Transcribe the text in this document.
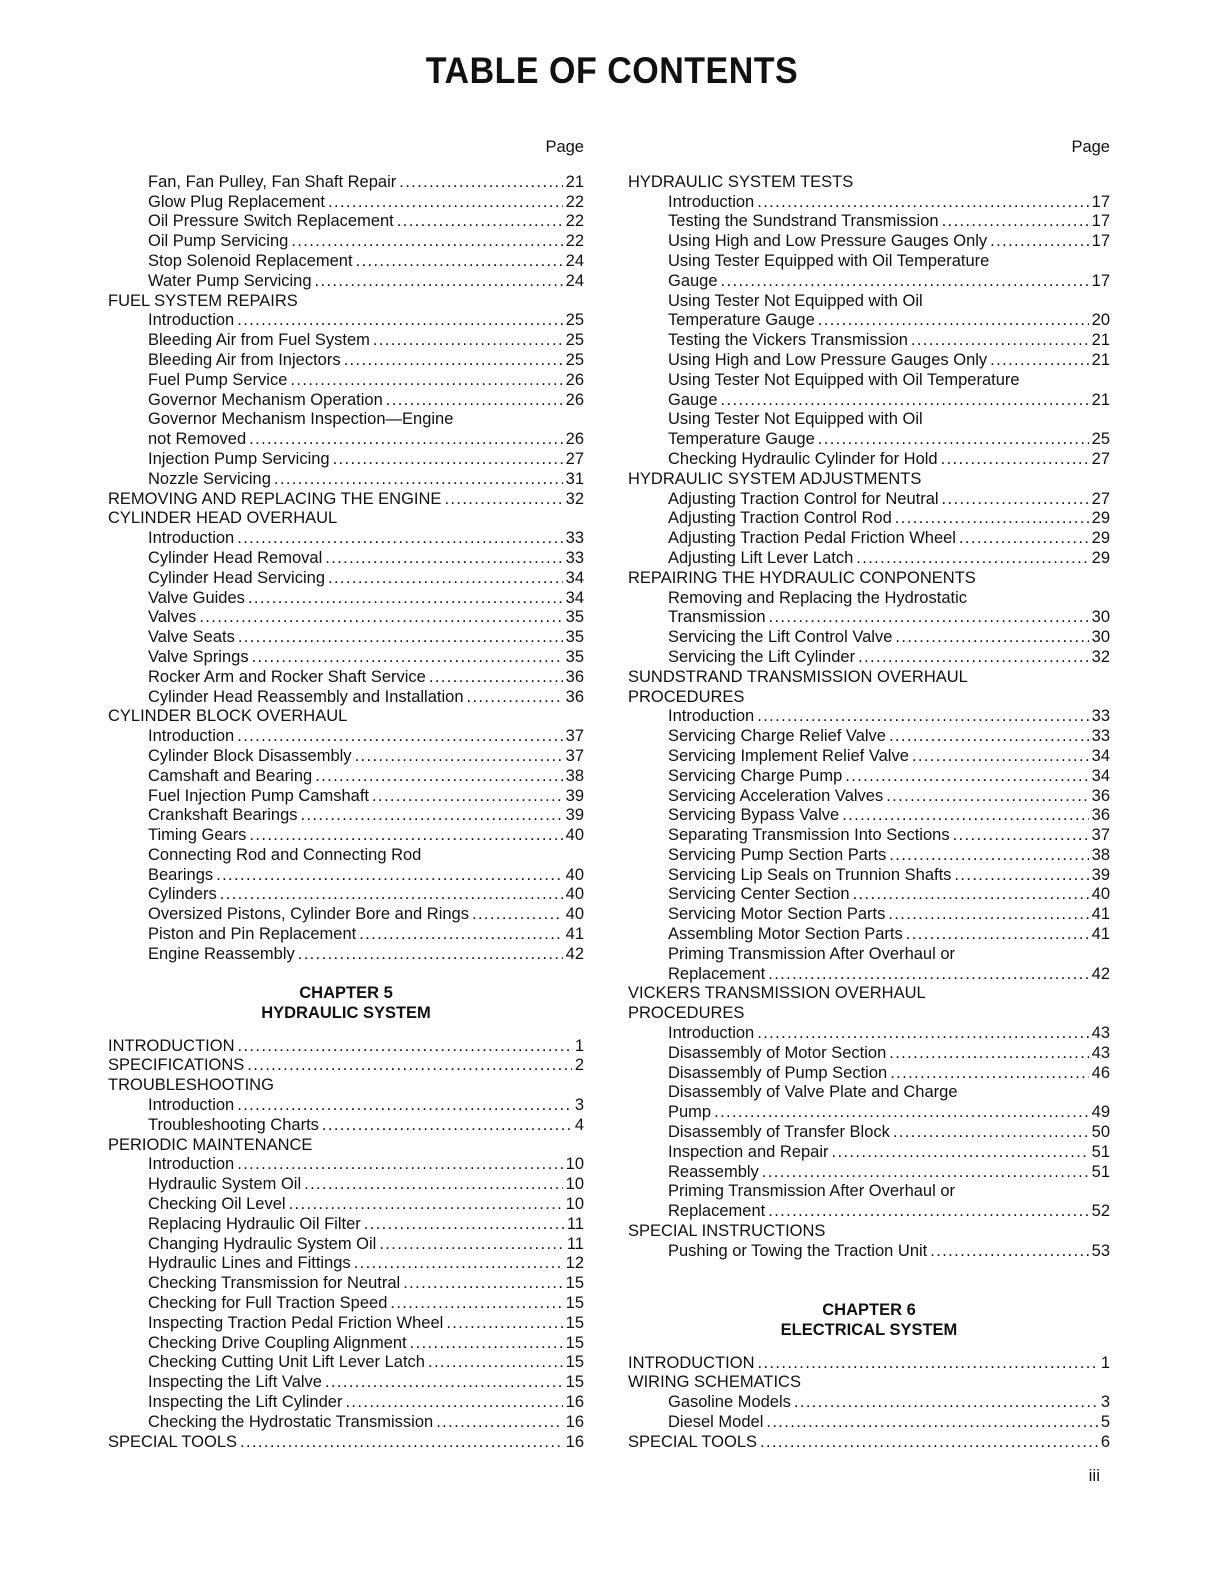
TABLE OF CONTENTS
Page
Fan, Fan Pulley, Fan Shaft Repair . . .	21
Glow Plug Replacement . . .	22
Oil Pressure Switch Replacement . . .	22
Oil Pump Servicing . . .	22
Stop Solenoid Replacement . . .	24
Water Pump Servicing . . .	24
FUEL SYSTEM REPAIRS
Introduction . . .	25
Bleeding Air from Fuel System . . .	25
Bleeding Air from Injectors . . .	25
Fuel Pump Service . . .	26
Governor Mechanism Operation . . .	26
Governor Mechanism Inspection—Engine
not Removed . . .	26
Injection Pump Servicing . . .	27
Nozzle Servicing . . .	31
REMOVING AND REPLACING THE ENGINE . . .	32
CYLINDER HEAD OVERHAUL
Introduction . . .	33
Cylinder Head Removal . . .	33
Cylinder Head Servicing . . .	34
Valve Guides . . .	34
Valves . . .	35
Valve Seats . . .	35
Valve Springs . . .	35
Rocker Arm and Rocker Shaft Service . . .	36
Cylinder Head Reassembly and Installation . . .	36
CYLINDER BLOCK OVERHAUL
Introduction . . .	37
Cylinder Block Disassembly . . .	37
Camshaft and Bearing . . .	38
Fuel Injection Pump Camshaft . . .	39
Crankshaft Bearings . . .	39
Timing Gears . . .	40
Connecting Rod and Connecting Rod
Bearings . . .	40
Cylinders . . .	40
Oversized Pistons, Cylinder Bore and Rings . . .	40
Piston and Pin Replacement . . .	41
Engine Reassembly . . .	42
CHAPTER 5
HYDRAULIC SYSTEM
INTRODUCTION . . .	1
SPECIFICATIONS . . .	2
TROUBLESHOOTING
Introduction . . .	3
Troubleshooting Charts . . .	4
PERIODIC MAINTENANCE
Introduction . . .	10
Hydraulic System Oil . . .	10
Checking Oil Level . . .	10
Replacing Hydraulic Oil Filter . . .	11
Changing Hydraulic System Oil . . .	11
Hydraulic Lines and Fittings . . .	12
Checking Transmission for Neutral . . .	15
Checking for Full Traction Speed . . .	15
Inspecting Traction Pedal Friction Wheel . . .	15
Checking Drive Coupling Alignment . . .	15
Checking Cutting Unit Lift Lever Latch . . .	15
Inspecting the Lift Valve . . .	15
Inspecting the Lift Cylinder . . .	16
Checking the Hydrostatic Transmission . . .	16
SPECIAL TOOLS . . .	16
Page
HYDRAULIC SYSTEM TESTS
Introduction . . .	17
Testing the Sundstrand Transmission . . .	17
Using High and Low Pressure Gauges Only . . .	17
Using Tester Equipped with Oil Temperature
Gauge . . .	17
Using Tester Not Equipped with Oil
Temperature Gauge . . .	20
Testing the Vickers Transmission . . .	21
Using High and Low Pressure Gauges Only . . .	21
Using Tester Not Equipped with Oil Temperature
Gauge . . .	21
Using Tester Not Equipped with Oil
Temperature Gauge . . .	25
Checking Hydraulic Cylinder for Hold . . .	27
HYDRAULIC SYSTEM ADJUSTMENTS
Adjusting Traction Control for Neutral . . .	27
Adjusting Traction Control Rod . . .	29
Adjusting Traction Pedal Friction Wheel . . .	29
Adjusting Lift Lever Latch . . .	29
REPAIRING THE HYDRAULIC CONPONENTS
Removing and Replacing the Hydrostatic
Transmission . . .	30
Servicing the Lift Control Valve . . .	30
Servicing the Lift Cylinder . . .	32
SUNDSTRAND TRANSMISSION OVERHAUL
PROCEDURES
Introduction . . .	33
Servicing Charge Relief Valve . . .	33
Servicing Implement Relief Valve . . .	34
Servicing Charge Pump . . .	34
Servicing Acceleration Valves . . .	36
Servicing Bypass Valve . . .	36
Separating Transmission Into Sections . . .	37
Servicing Pump Section Parts . . .	38
Servicing Lip Seals on Trunnion Shafts . . .	39
Servicing Center Section . . .	40
Servicing Motor Section Parts . . .	41
Assembling Motor Section Parts . . .	41
Priming Transmission After Overhaul or
Replacement . . .	42
VICKERS TRANSMISSION OVERHAUL
PROCEDURES
Introduction . . .	43
Disassembly of Motor Section . . .	43
Disassembly of Pump Section . . .	46
Disassembly of Valve Plate and Charge
Pump . . .	49
Disassembly of Transfer Block . . .	50
Inspection and Repair . . .	51
Reassembly . . .	51
Priming Transmission After Overhaul or
Replacement . . .	52
SPECIAL INSTRUCTIONS
Pushing or Towing the Traction Unit . . .	53
CHAPTER 6
ELECTRICAL SYSTEM
INTRODUCTION . . .	1
WIRING SCHEMATICS
Gasoline Models . . .	3
Diesel Model . . .	5
SPECIAL TOOLS . . .	6
iii
